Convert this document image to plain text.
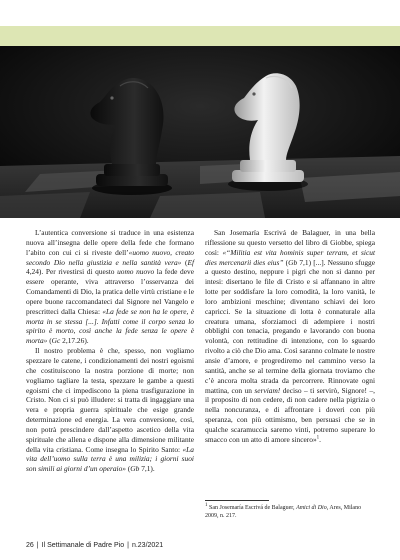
L’autentica conversione si traduce in una esistenza nuova all’insegna delle opere della fede che formano l’abito con cui ci si riveste dell’«uomo nuovo, creato secondo Dio nella giustizia e nella santità vera» (Ef 4,24). Per rivestirsi di questo uomo nuovo la fede deve essere operante, viva attraverso l’osservanza dei Comandamenti di Dio, la pratica delle virtù cristiane e le opere buone raccomandateci dal Signore nel Vangelo e prescritteci dalla Chiesa: «La fede se non ha le opere, è morta in se stessa [...]. Infatti come il corpo senza lo spirito è morto, così anche la fede senza le opere è morta» (Gc 2,17.26).

Il nostro problema è che, spesso, non vogliamo spezzare le catene, i condizionamenti dei nostri egoismi che costituiscono la nostra porzione di morte; non vogliamo tagliare la testa, spezzare le gambe a questi egoismi che ci impediscono la piena trasfigurazione in Cristo. Non ci si può illudere: si tratta di ingaggiare una vera e propria guerra spirituale che esige grande determinazione ed energia. La vera conversione, così, non potrà prescindere dall’aspetto ascetico della vita spirituale che allena e dispone alla dimensione militante della vita cristiana. Come insegna lo Spirito Santo: «La vita dell’uomo sulla terra è una milizia; i giorni suoi son simili ai giorni d’un operaio» (Gb 7,1).

San Josemaría Escrivá de Balaguer, in una bella riflessione su questo versetto del libro di Giobbe, spiega così: «“Militia est vita hominis super terram, et sicut dies mercenarii dies eius” (Gb 7,1) [...]. Nessuno sfugge a questo destino, neppure i pigri che non si danno per intesi: disertano le file di Cristo e si affannano in altre lotte per soddisfare la loro comodità, la loro vanità, le loro ambizioni meschine; diventano schiavi dei loro capricci. Se la situazione di lotta è connaturale alla creatura umana, sforziamoci di adempiere i nostri obblighi con tenacia, pregando e lavorando con buona volontà, con rettitudine di intenzione, con lo sguardo rivolto a ciò che Dio ama. Così saranno colmate le nostre ansie d’amore, e progrediremo nel cammino verso la santità, anche se al termine della giornata troviamo che c’è ancora molta strada da percorrere. Rinnovate ogni mattina, con un serviam! deciso – ti servirò, Signore! –, il proposito di non cedere, di non cadere nella pigrizia o nella noncuranza, e di affrontare i doveri con più speranza, con più ottimismo, ben persuasi che se in qualche scaramuccia saremo vinti, potremo superare lo smacco con un atto di amore sincero»$^1$.

$^1$ San Josemaría Escrivá de Balaguer, Amici di Dio, Ares, Milano 2009, n. 217.
26 | Il Settimanale di Padre Pio | n.23/2021
